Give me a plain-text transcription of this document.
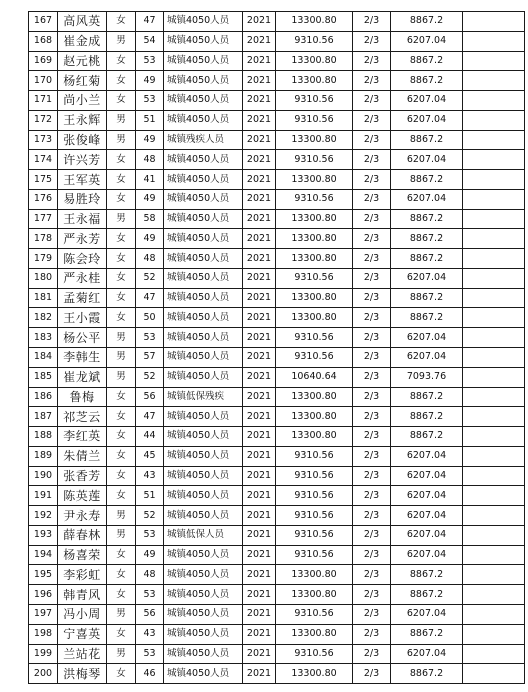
167	高风英	女	47	城镇4050人员	2021	13300.80	2/3	8867.2	
168	崔金成	男	54	城镇4050人员	2021	9310.56	2/3	6207.04	
169	赵元桃	女	53	城镇4050人员	2021	13300.80	2/3	8867.2	
170	杨红菊	女	49	城镇4050人员	2021	13300.80	2/3	8867.2	
171	尚小兰	女	53	城镇4050人员	2021	9310.56	2/3	6207.04	
172	王永辉	男	51	城镇4050人员	2021	9310.56	2/3	6207.04	
173	张俊峰	男	49	城镇残疾人员	2021	13300.80	2/3	8867.2	
174	许兴芳	女	48	城镇4050人员	2021	9310.56	2/3	6207.04	
175	王军英	女	41	城镇4050人员	2021	13300.80	2/3	8867.2	
176	易胜玲	女	49	城镇4050人员	2021	9310.56	2/3	6207.04	
177	王永福	男	58	城镇4050人员	2021	13300.80	2/3	8867.2	
178	严永芳	女	49	城镇4050人员	2021	13300.80	2/3	8867.2	
179	陈会玲	女	48	城镇4050人员	2021	13300.80	2/3	8867.2	
180	严永桂	女	52	城镇4050人员	2021	9310.56	2/3	6207.04	
181	孟菊红	女	47	城镇4050人员	2021	13300.80	2/3	8867.2	
182	王小霞	女	50	城镇4050人员	2021	13300.80	2/3	8867.2	
183	杨公平	男	53	城镇4050人员	2021	9310.56	2/3	6207.04	
184	李韩生	男	57	城镇4050人员	2021	9310.56	2/3	6207.04	
185	崔龙斌	男	52	城镇4050人员	2021	10640.64	2/3	7093.76	
186	鲁梅	女	56	城镇低保残疾	2021	13300.80	2/3	8867.2	
187	祁芝云	女	47	城镇4050人员	2021	13300.80	2/3	8867.2	
188	李红英	女	44	城镇4050人员	2021	13300.80	2/3	8867.2	
189	朱倩兰	女	45	城镇4050人员	2021	9310.56	2/3	6207.04	
190	张香芳	女	43	城镇4050人员	2021	9310.56	2/3	6207.04	
191	陈英莲	女	51	城镇4050人员	2021	9310.56	2/3	6207.04	
192	尹永寿	男	52	城镇4050人员	2021	9310.56	2/3	6207.04	
193	薛春林	男	53	城镇低保人员	2021	9310.56	2/3	6207.04	
194	杨喜荣	女	49	城镇4050人员	2021	9310.56	2/3	6207.04	
195	李彩虹	女	48	城镇4050人员	2021	13300.80	2/3	8867.2	
196	韩青风	女	53	城镇4050人员	2021	13300.80	2/3	8867.2	
197	冯小周	男	56	城镇4050人员	2021	9310.56	2/3	6207.04	
198	宁喜英	女	43	城镇4050人员	2021	13300.80	2/3	8867.2	
199	兰站花	男	53	城镇4050人员	2021	9310.56	2/3	6207.04	
200	洪梅琴	女	46	城镇4050人员	2021	13300.80	2/3	8867.2	
